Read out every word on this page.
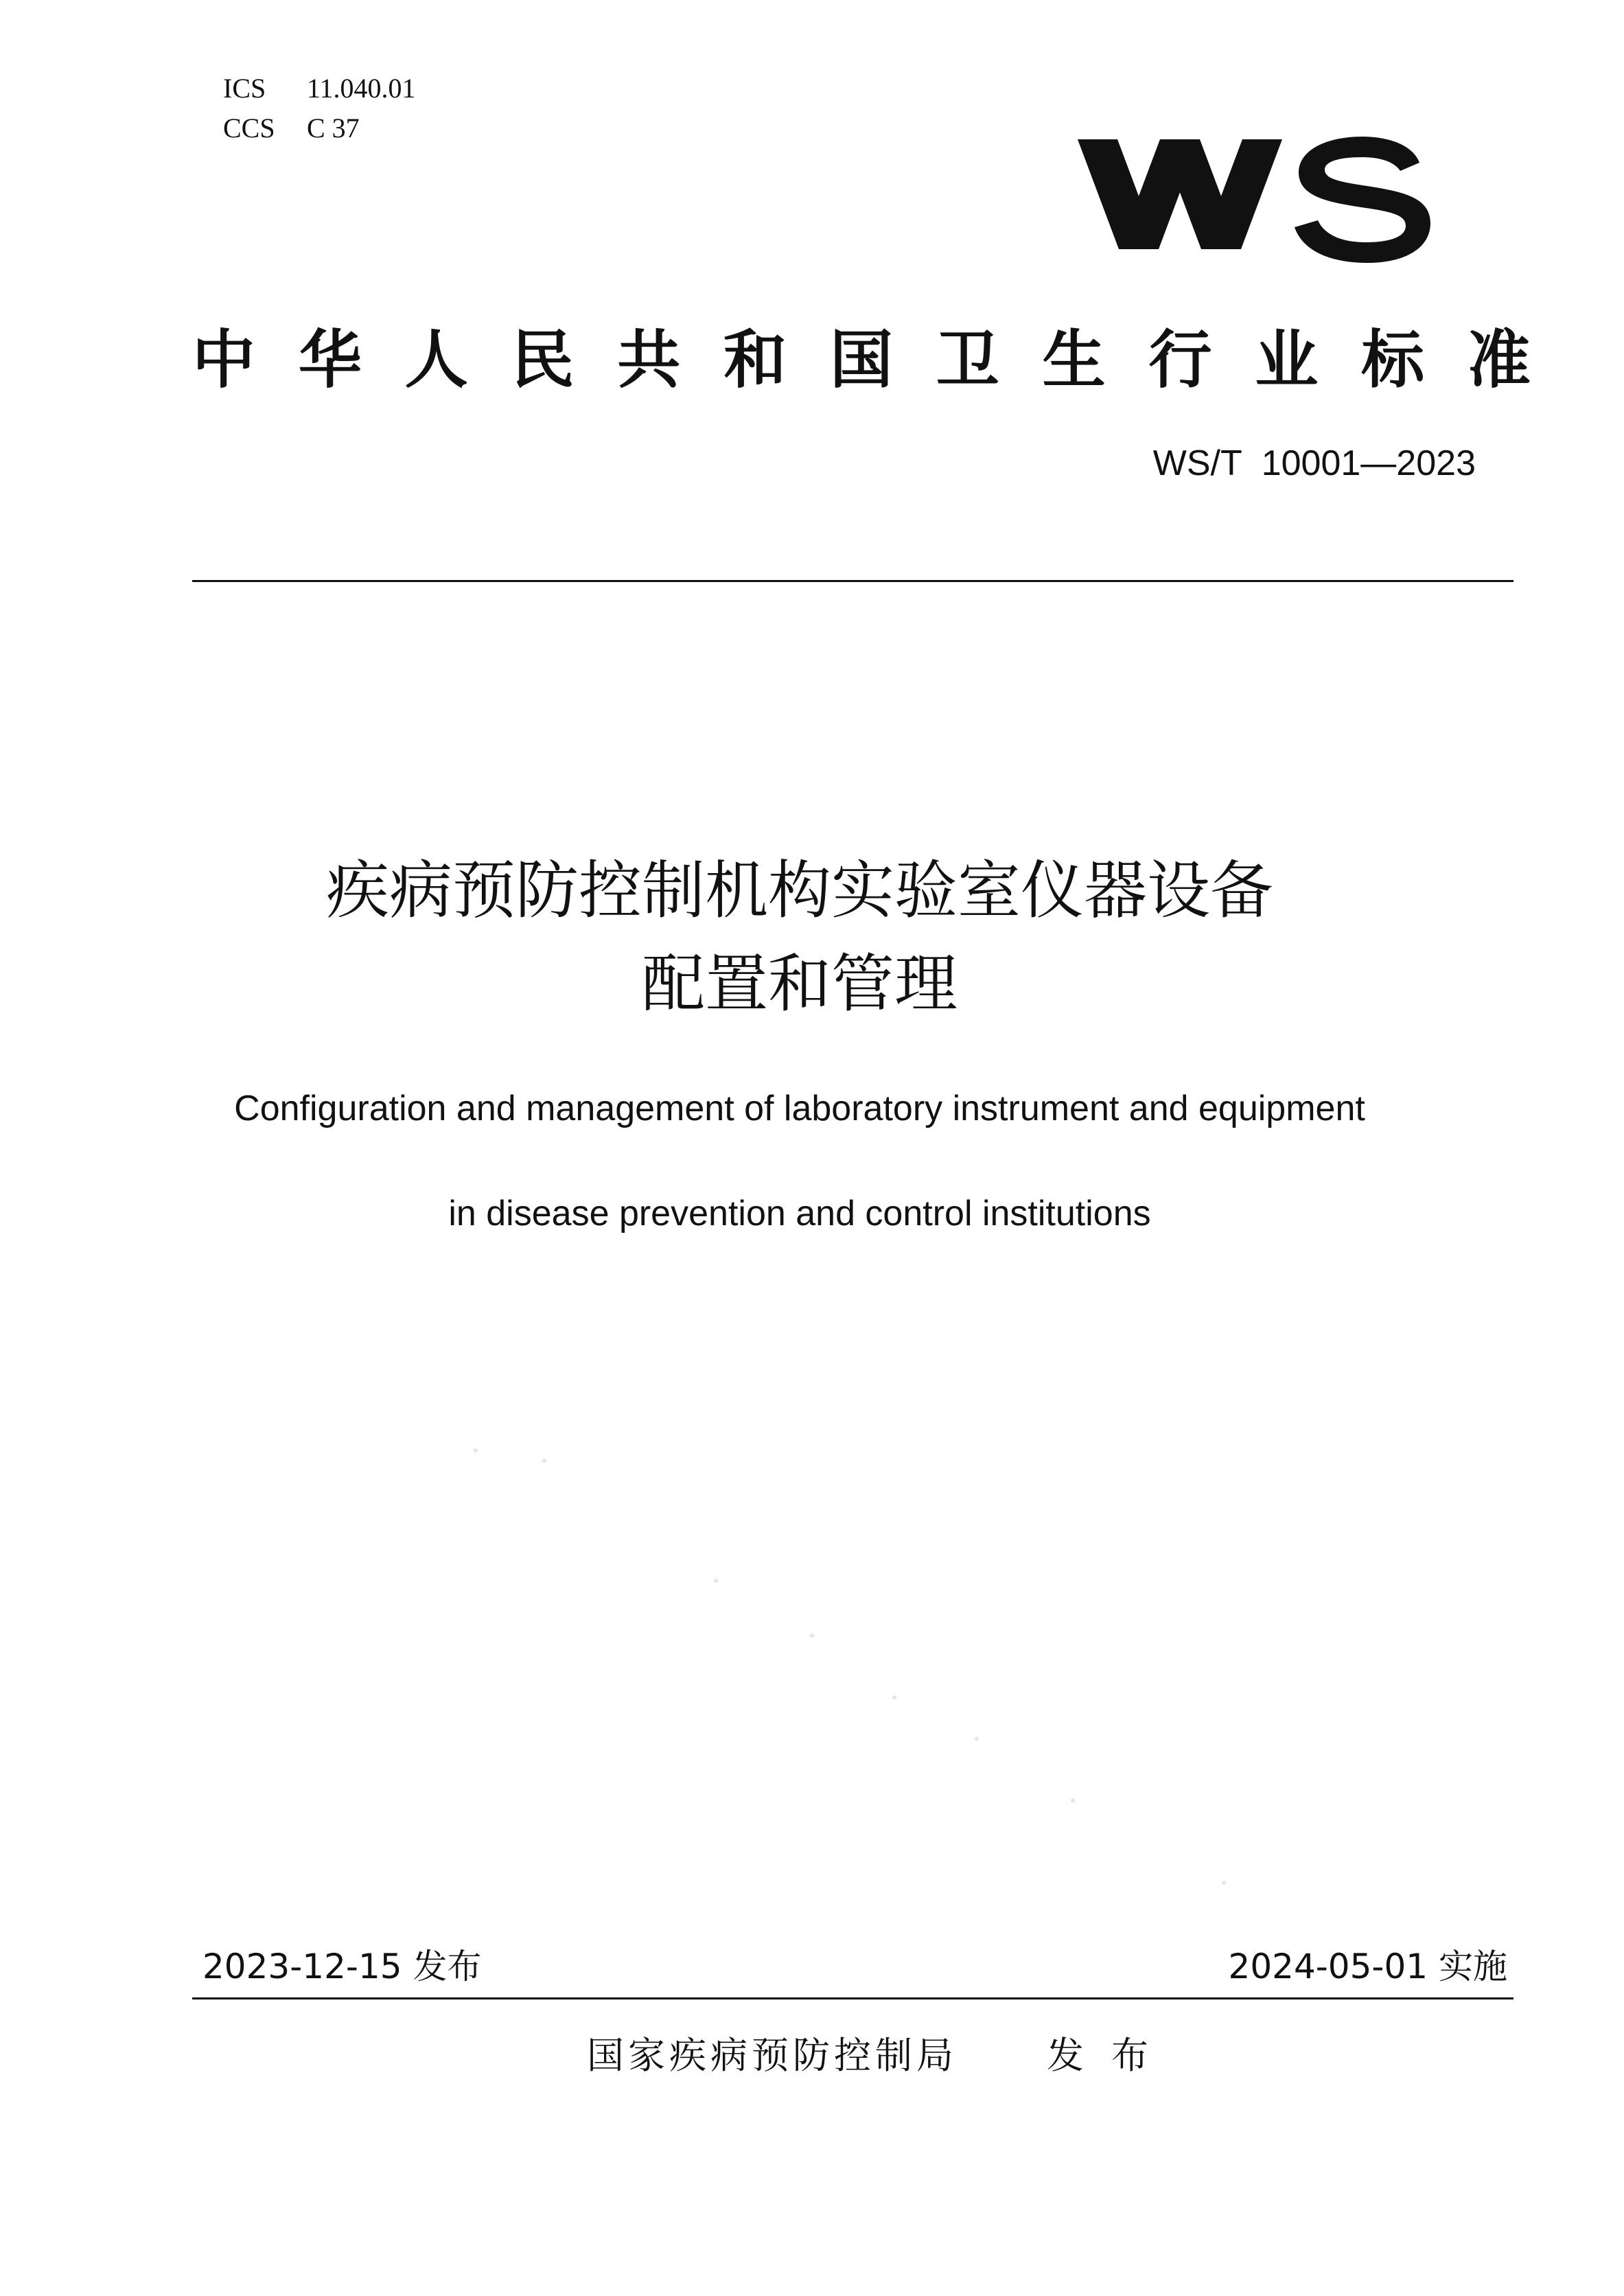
ICS	11.040.01
CCS	C 37
中 华 人 民 共 和 国 卫 生 行 业 标 准
WS/T  10001—2023
疾病预防控制机构实验室仪器设备
配置和管理
Configuration and management of laboratory instrument and equipment
in disease prevention and control institutions
2023-12-15 发布	2024-05-01 实施
国家疾病预防控制局 发布
